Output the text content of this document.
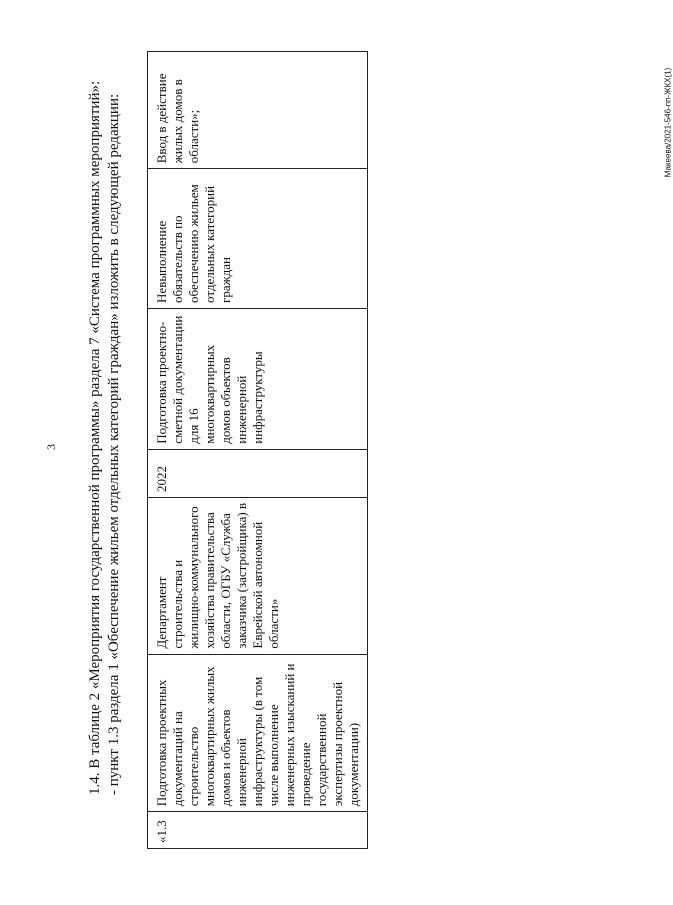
3
Макеева/2021-546-пп-ЖКХ(1)

1.4. В таблице 2 «Мероприятия государственной программы» раздела 7 «Система программных мероприятий»: - пункт 1.3 раздела 1 «Обеспечение жильем отдельных категорий граждан» изложить в следующей редакции:

«1.3	Подготовка проектных документаций на строительство многоквартирных жилых домов и объектов инженерной инфраструктуры (в том числе выполнение инженерных изысканий и проведение государственной экспертизы проектной документации)	Департамент строительства и жилищно-коммунального хозяйства правительства области, ОГБУ «Служба заказчика (застройщика) в Еврейской автономной области»	2022	Подготовка проектно-сметной документации для 16 многоквартирных домов объектов инженерной инфраструктуры	Невыполнение обязательств по обеспечению жильем отдельных категорий граждан	Ввод в действие жилых домов в области»;
